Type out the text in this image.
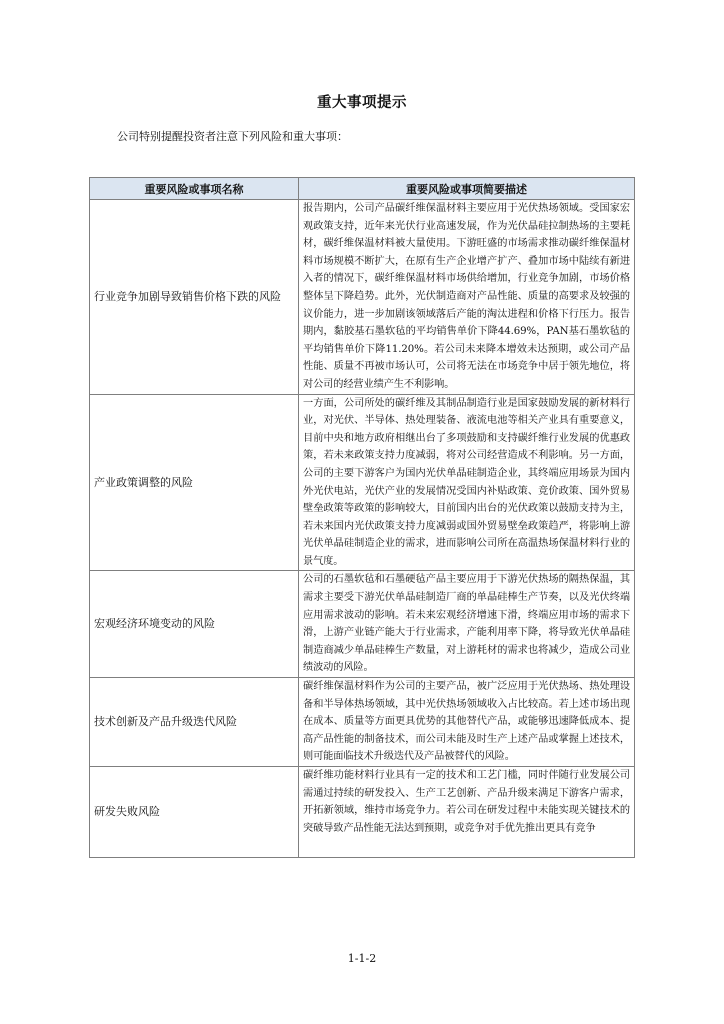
重大事项提示
公司特别提醒投资者注意下列风险和重大事项：
重要风险或事项名称	重要风险或事项简要描述
行业竞争加剧导致销售价格下跌的风险	报告期内，公司产品碳纤维保温材料主要应用于光伏热场领域。受国家宏观政策支持，近年来光伏行业高速发展，作为光伏晶硅拉制热场的主要耗材，碳纤维保温材料被大量使用。下游旺盛的市场需求推动碳纤维保温材料市场规模不断扩大，在原有生产企业增产扩产、叠加市场中陆续有新进入者的情况下，碳纤维保温材料市场供给增加，行业竞争加剧，市场价格整体呈下降趋势。此外，光伏制造商对产品性能、质量的高要求及较强的议价能力，进一步加剧该领域落后产能的淘汰进程和价格下行压力。报告期内，黏胶基石墨软毡的平均销售单价下降44.69%，PAN基石墨软毡的平均销售单价下降11.20%。若公司未来降本增效未达预期，或公司产品性能、质量不再被市场认可，公司将无法在市场竞争中居于领先地位，将对公司的经营业绩产生不利影响。
产业政策调整的风险	一方面，公司所处的碳纤维及其制品制造行业是国家鼓励发展的新材料行业，对光伏、半导体、热处理装备、液流电池等相关产业具有重要意义，目前中央和地方政府相继出台了多项鼓励和支持碳纤维行业发展的优惠政策，若未来政策支持力度减弱，将对公司经营造成不利影响。另一方面，公司的主要下游客户为国内光伏单晶硅制造企业，其终端应用场景为国内外光伏电站，光伏产业的发展情况受国内补贴政策、竞价政策、国外贸易壁垒政策等政策的影响较大，目前国内出台的光伏政策以鼓励支持为主，若未来国内光伏政策支持力度减弱或国外贸易壁垒政策趋严，将影响上游光伏单晶硅制造企业的需求，进而影响公司所在高温热场保温材料行业的景气度。
宏观经济环境变动的风险	公司的石墨软毡和石墨硬毡产品主要应用于下游光伏热场的隔热保温，其需求主要受下游光伏单晶硅制造厂商的单晶硅棒生产节奏，以及光伏终端应用需求波动的影响。若未来宏观经济增速下滑，终端应用市场的需求下滑，上游产业链产能大于行业需求，产能利用率下降，将导致光伏单晶硅制造商减少单晶硅棒生产数量，对上游耗材的需求也将减少，造成公司业绩波动的风险。
技术创新及产品升级迭代风险	碳纤维保温材料作为公司的主要产品，被广泛应用于光伏热场、热处理设备和半导体热场领域，其中光伏热场领域收入占比较高。若上述市场出现在成本、质量等方面更具优势的其他替代产品，或能够迅速降低成本、提高产品性能的制备技术，而公司未能及时生产上述产品或掌握上述技术，则可能面临技术升级迭代及产品被替代的风险。
研发失败风险	碳纤维功能材料行业具有一定的技术和工艺门槛，同时伴随行业发展公司需通过持续的研发投入、生产工艺创新、产品升级来满足下游客户需求，开拓新领域，维持市场竞争力。若公司在研发过程中未能实现关键技术的突破导致产品性能无法达到预期，或竞争对手优先推出更具有竞争
1-1-2
